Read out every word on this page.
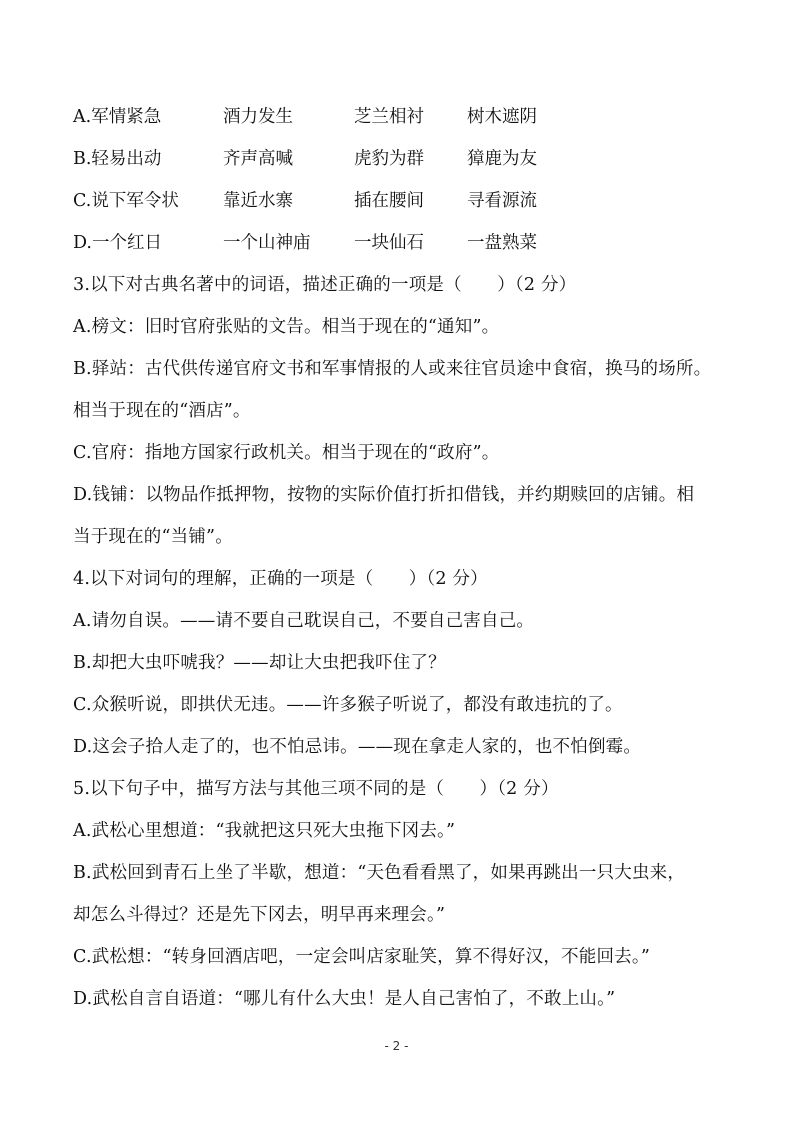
A.军情紧急	酒力发生	芝兰相衬 树木遮阴
B.轻易出动	齐声高喊	虎豹为群 獐鹿为友
C.说下军令状	靠近水寨	插在腰间 寻看源流
D.一个红日	一个山神庙 一块仙石 一盘熟菜
3.以下对古典名著中的词语，描述正确的一项是（　　）（2 分）
A.榜文：旧时官府张贴的文告。相当于现在的“通知”。
B.驿站：古代供传递官府文书和军事情报的人或来往官员途中食宿，换马的场所。
相当于现在的“酒店”。
C.官府：指地方国家行政机关。相当于现在的“政府”。
D.钱铺：以物品作抵押物，按物的实际价值打折扣借钱，并约期赎回的店铺。相
当于现在的“当铺”。
4.以下对词句的理解，正确的一项是（　　）（2 分）
A.请勿自误。——请不要自己耽误自己，不要自己害自己。
B.却把大虫吓唬我？——却让大虫把我吓住了？
C.众猴听说，即拱伏无违。——许多猴子听说了，都没有敢违抗的了。
D.这会子拾人走了的，也不怕忌讳。——现在拿走人家的，也不怕倒霉。
5.以下句子中，描写方法与其他三项不同的是（　　）（2 分）
A.武松心里想道：“我就把这只死大虫拖下冈去。”
B.武松回到青石上坐了半歇，想道：“天色看看黑了，如果再跳出一只大虫来，
却怎么斗得过？还是先下冈去，明早再来理会。”
C.武松想：“转身回酒店吧，一定会叫店家耻笑，算不得好汉，不能回去。”
D.武松自言自语道：“哪儿有什么大虫！是人自己害怕了，不敢上山。”
- 2 -
